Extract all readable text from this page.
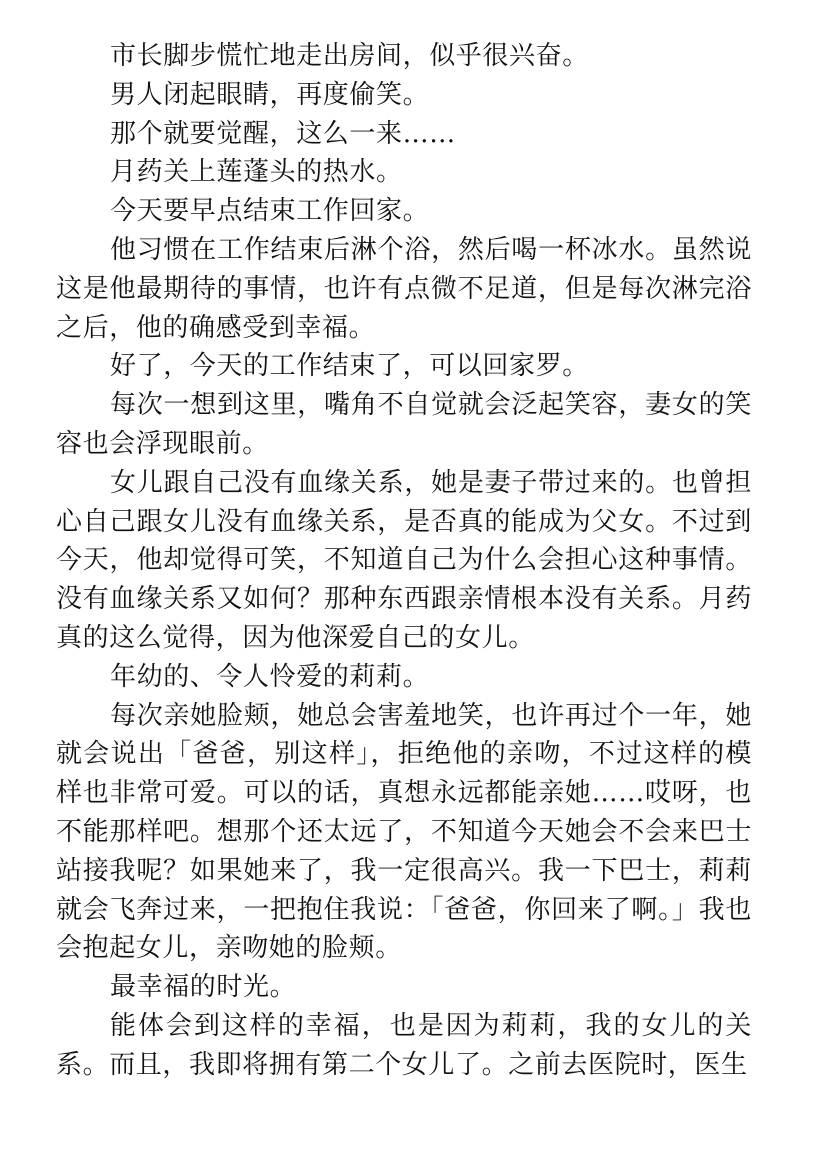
市长脚步慌忙地走出房间，似乎很兴奋。

男人闭起眼睛，再度偷笑。

那个就要觉醒，这么一来……

月药关上莲蓬头的热水。

今天要早点结束工作回家。

他习惯在工作结束后淋个浴，然后喝一杯冰水。虽然说这是他最期待的事情，也许有点微不足道，但是每次淋完浴之后，他的确感受到幸福。

好了，今天的工作结束了，可以回家罗。

每次一想到这里，嘴角不自觉就会泛起笑容，妻女的笑容也会浮现眼前。

女儿跟自己没有血缘关系，她是妻子带过来的。也曾担心自己跟女儿没有血缘关系，是否真的能成为父女。不过到今天，他却觉得可笑，不知道自己为什么会担心这种事情。没有血缘关系又如何？那种东西跟亲情根本没有关系。月药真的这么觉得，因为他深爱自己的女儿。

年幼的、令人怜爱的莉莉。

每次亲她脸颊，她总会害羞地笑，也许再过个一年，她就会说出「爸爸，别这样」，拒绝他的亲吻，不过这样的模样也非常可爱。可以的话，真想永远都能亲她……哎呀，也不能那样吧。想那个还太远了，不知道今天她会不会来巴士站接我呢？如果她来了，我一定很高兴。我一下巴士，莉莉就会飞奔过来，一把抱住我说：「爸爸，你回来了啊。」我也会抱起女儿，亲吻她的脸颊。

最幸福的时光。

能体会到这样的幸福，也是因为莉莉，我的女儿的关系。而且，我即将拥有第二个女儿了。之前去医院时，医生
